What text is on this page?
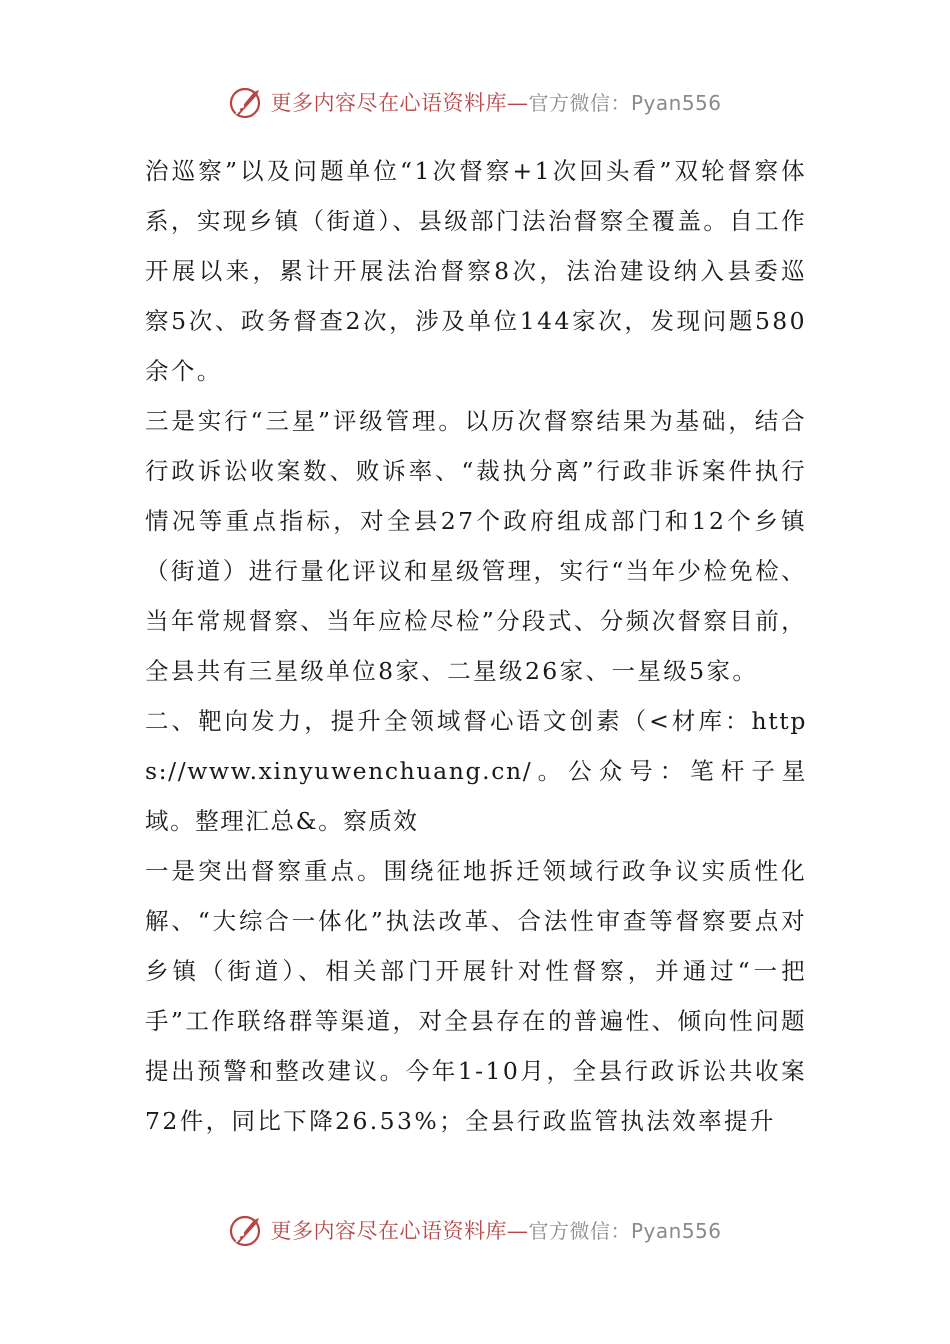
更多内容尽在心语资料库—官方微信：Pyan556

治巡察”以及问题单位“1次督察+1次回头看”双轮督察体系，实现乡镇（街道）、县级部门法治督察全覆盖。自工作开展以来，累计开展法治督察8次，法治建设纳入县委巡察5次、政务督查2次，涉及单位144家次，发现问题580余个。

三是实行“三星”评级管理。以历次督察结果为基础，结合行政诉讼收案数、败诉率、“裁执分离”行政非诉案件执行情况等重点指标，对全县27个政府组成部门和12个乡镇（街道）进行量化评议和星级管理，实行“当年少检免检、当年常规督察、当年应检尽检”分段式、分频次督察目前，全县共有三星级单位8家、二星级26家、一星级5家。

二、靶向发力，提升全领域督心语文创素（<材库：https://www.xinyuwenchuang.cn/。公众号：笔杆子星域。整理汇总&。察质效

一是突出督察重点。围绕征地拆迁领域行政争议实质性化解、“大综合一体化”执法改革、合法性审查等督察要点对乡镇（街道）、相关部门开展针对性督察，并通过“一把手”工作联络群等渠道，对全县存在的普遍性、倾向性问题提出预警和整改建议。今年1-10月，全县行政诉讼共收案72件，同比下降26.53%；全县行政监管执法效率提升

更多内容尽在心语资料库—官方微信：Pyan556
